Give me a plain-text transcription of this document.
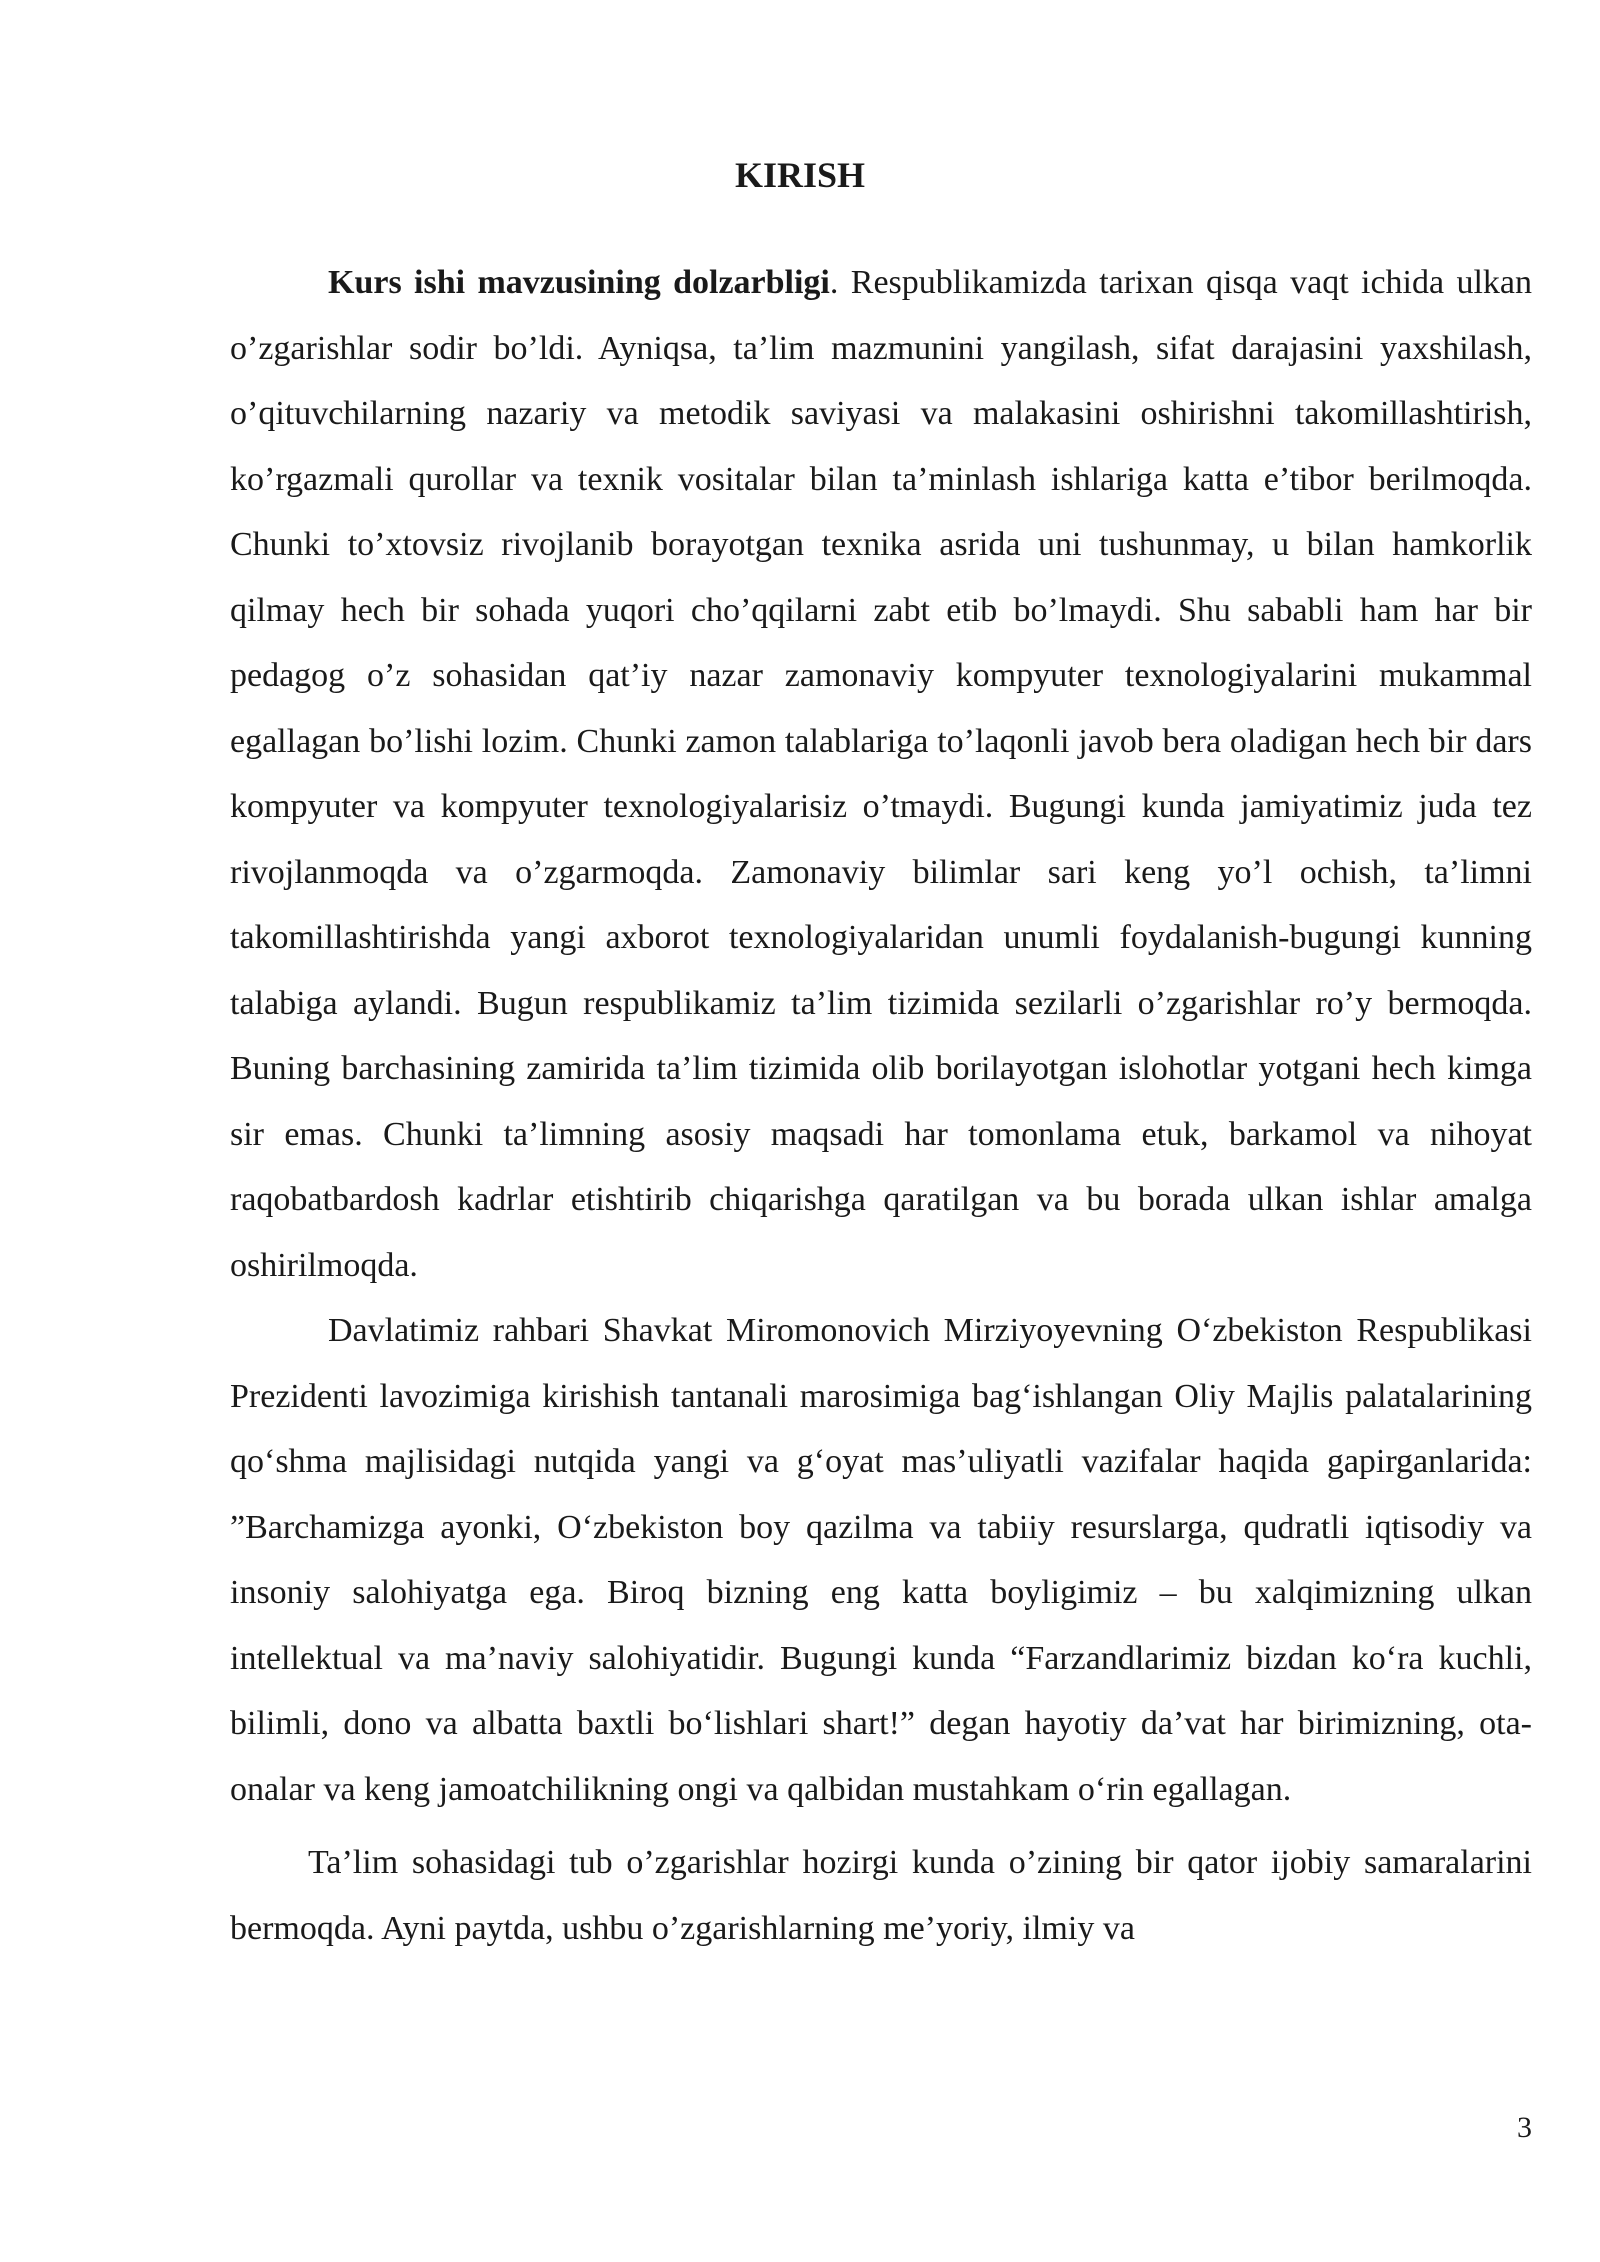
KIRISH

Kurs ishi mavzusining dolzarbligi. Respublikamizda tarixan qisqa vaqt ichida ulkan o’zgarishlar sodir bo’ldi. Ayniqsa, ta’lim mazmunini yangilash, sifat darajasini yaxshilash, o’qituvchilarning nazariy va metodik saviyasi va malakasini oshirishni takomillashtirish, ko’rgazmali qurollar va texnik vositalar bilan ta’minlash ishlariga katta e’tibor berilmoqda. Chunki to’xtovsiz rivojlanib borayotgan texnika asrida uni tushunmay, u bilan hamkorlik qilmay hech bir sohada yuqori cho’qqilarni zabt etib bo’lmaydi. Shu sababli ham har bir pedagog o’z sohasidan qat’iy nazar zamonaviy kompyuter texnologiyalarini mukammal egallagan bo’lishi lozim. Chunki zamon talablariga to’laqonli javob bera oladigan hech bir dars kompyuter va kompyuter texnologiyalarisiz o’tmaydi. Bugungi kunda jamiyatimiz juda tez rivojlanmoqda va o’zgarmoqda. Zamonaviy bilimlar sari keng yo’l ochish, ta’limni takomillashtirishda yangi axborot texnologiyalaridan unumli foydalanish-bugungi kunning talabiga aylandi. Bugun respublikamiz ta’lim tizimida sezilarli o’zgarishlar ro’y bermoqda. Buning barchasining zamirida ta’lim tizimida olib borilayotgan islohotlar yotgani hech kimga sir emas. Chunki ta’limning asosiy maqsadi har tomonlama etuk, barkamol va nihoyat raqobatbardosh kadrlar etishtirib chiqarishga qaratilgan va bu borada ulkan ishlar amalga oshirilmoqda.

Davlatimiz rahbari Shavkat Miromonovich Mirziyoyevning O‘zbekiston Respublikasi Prezidenti lavozimiga kirishish tantanali marosimiga bag‘ishlangan Oliy Majlis palatalarining qo‘shma majlisidagi nutqida yangi va g‘oyat mas’uliyatli vazifalar haqida gapirganlarida: ”Barchamizga ayonki, O‘zbekiston boy qazilma va tabiiy resurslarga, qudratli iqtisodiy va insoniy salohiyatga ega. Biroq bizning eng katta boyligimiz – bu xalqimizning ulkan intellektual va ma’naviy salohiyatidir. Bugungi kunda “Farzandlarimiz bizdan ko‘ra kuchli, bilimli, dono va albatta baxtli bo‘lishlari shart!” degan hayotiy da’vat har birimizning, ota-onalar va keng jamoatchilikning ongi va qalbidan mustahkam o‘rin egallagan.

Ta’lim sohasidagi tub o’zgarishlar hozirgi kunda o’zining bir qator ijobiy samaralarini bermoqda. Ayni paytda, ushbu o’zgarishlarning me’yoriy, ilmiy va

3
